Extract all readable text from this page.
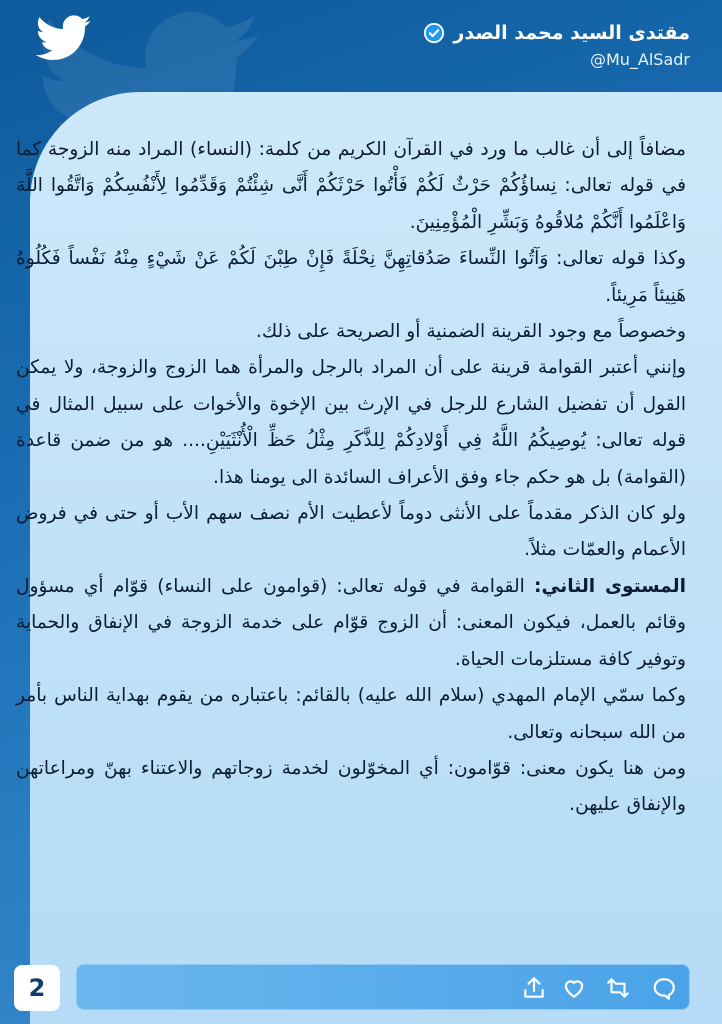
مقتدى السيد محمد الصدر
@Mu_AlSadr

مضافاً إلى أن غالب ما ورد في القرآن الكريم من كلمة: (النساء) المراد منه الزوجة كما في قوله تعالى: نِساؤُكُمْ حَرْثٌ لَكُمْ فَأْتُوا حَرْثَكُمْ أَنَّى شِئْتُمْ وَقَدِّمُوا لِأَنْفُسِكُمْ وَاتَّقُوا اللَّهَ وَاعْلَمُوا أَنَّكُمْ مُلاقُوهُ وَبَشِّرِ الْمُؤْمِنِينَ.

وكذا قوله تعالى: وَآتُوا النِّساءَ صَدُقاتِهِنَّ نِحْلَةً فَإِنْ طِبْنَ لَكُمْ عَنْ شَيْءٍ مِنْهُ نَفْساً فَكُلُوهُ هَنِيئاً مَرِيئاً.

وخصوصاً مع وجود القرينة الضمنية أو الصريحة على ذلك.

وإنني أعتبر القوامة قرينة على أن المراد بالرجل والمرأة هما الزوج والزوجة، ولا يمكن القول أن تفضيل الشارع للرجل في الإرث بين الإخوة والأخوات على سبيل المثال في قوله تعالى: يُوصِيكُمُ اللَّهُ فِي أَوْلادِكُمْ لِلذَّكَرِ مِثْلُ حَظِّ الْأُنْثَيَيْنِ.... هو من ضمن قاعدة (القوامة) بل هو حكم جاء وفق الأعراف السائدة الى يومنا هذا.

ولو كان الذكر مقدماً على الأنثى دوماً لأعطيت الأم نصف سهم الأب أو حتى في فروض الأعمام والعمّات مثلاً.

المستوى الثاني: القوامة في قوله تعالى: (قوامون على النساء) قوّام أي مسؤول وقائم بالعمل، فيكون المعنى: أن الزوج قوّام على خدمة الزوجة في الإنفاق والحماية وتوفير كافة مستلزمات الحياة.

وكما سمّي الإمام المهدي (سلام الله عليه) بالقائم: باعتباره من يقوم بهداية الناس بأمر من الله سبحانه وتعالى.

ومن هنا يكون معنى: قوّامون: أي المخوّلون لخدمة زوجاتهم والاعتناء بهنّ ومراعاتهن والإنفاق عليهن.

2
